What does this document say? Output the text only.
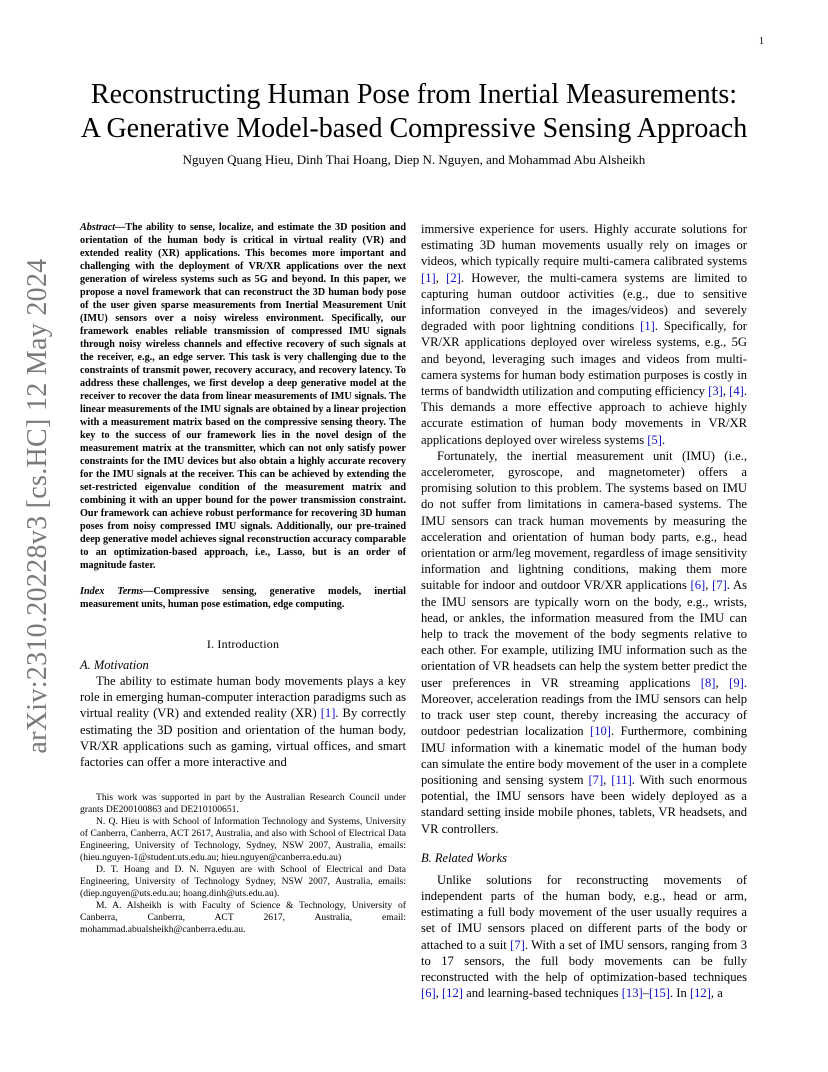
1
arXiv:2310.20228v3 [cs.HC] 12 May 2024
Reconstructing Human Pose from Inertial Measurements:
A Generative Model-based Compressive Sensing Approach
Nguyen Quang Hieu, Dinh Thai Hoang, Diep N. Nguyen, and Mohammad Abu Alsheikh

Abstract—The ability to sense, localize, and estimate the 3D position and orientation of the human body is critical in virtual reality (VR) and extended reality (XR) applications. This becomes more important and challenging with the deployment of VR/XR applications over the next generation of wireless systems such as 5G and beyond. In this paper, we propose a novel framework that can reconstruct the 3D human body pose of the user given sparse measurements from Inertial Measurement Unit (IMU) sensors over a noisy wireless environment. Specifically, our framework enables reliable transmission of compressed IMU signals through noisy wireless channels and effective recovery of such signals at the receiver, e.g., an edge server. This task is very challenging due to the constraints of transmit power, recovery accuracy, and recovery latency. To address these challenges, we first develop a deep generative model at the receiver to recover the data from linear measurements of IMU signals. The linear measurements of the IMU signals are obtained by a linear projection with a measurement matrix based on the compressive sensing theory. The key to the success of our framework lies in the novel design of the measurement matrix at the transmitter, which can not only satisfy power constraints for the IMU devices but also obtain a highly accurate recovery for the IMU signals at the receiver. This can be achieved by extending the set-restricted eigenvalue condition of the measurement matrix and combining it with an upper bound for the power transmission constraint. Our framework can achieve robust performance for recovering 3D human poses from noisy compressed IMU signals. Additionally, our pre-trained deep generative model achieves signal reconstruction accuracy comparable to an optimization-based approach, i.e., Lasso, but is an order of magnitude faster.

Index Terms—Compressive sensing, generative models, inertial measurement units, human pose estimation, edge computing.

I. Introduction
A. Motivation

The ability to estimate human body movements plays a key role in emerging human-computer interaction paradigms such as virtual reality (VR) and extended reality (XR) [1]. By correctly estimating the 3D position and orientation of the human body, VR/XR applications such as gaming, virtual offices, and smart factories can offer a more interactive and

This work was supported in part by the Australian Research Council under grants DE200100863 and DE210100651.

N. Q. Hieu is with School of Information Technology and Systems, University of Canberra, Canberra, ACT 2617, Australia, and also with School of Electrical Data Engineering, University of Technology, Sydney, NSW 2007, Australia, emails: (hieu.nguyen-1@student.uts.edu.au; hieu.nguyen@canberra.edu.au)

D. T. Hoang and D. N. Nguyen are with School of Electrical and Data Engineering, University of Technology Sydney, NSW 2007, Australia, emails: (diep.nguyen@uts.edu.au; hoang.dinh@uts.edu.au).

M. A. Alsheikh is with Faculty of Science & Technology, University of Canberra, Canberra, ACT 2617, Australia, email: mohammad.abualsheikh@canberra.edu.au.

immersive experience for users. Highly accurate solutions for estimating 3D human movements usually rely on images or videos, which typically require multi-camera calibrated systems [1], [2]. However, the multi-camera systems are limited to capturing human outdoor activities (e.g., due to sensitive information conveyed in the images/videos) and severely degraded with poor lightning conditions [1]. Specifically, for VR/XR applications deployed over wireless systems, e.g., 5G and beyond, leveraging such images and videos from multi-camera systems for human body estimation purposes is costly in terms of bandwidth utilization and computing efficiency [3], [4]. This demands a more effective approach to achieve highly accurate estimation of human body movements in VR/XR applications deployed over wireless systems [5].

Fortunately, the inertial measurement unit (IMU) (i.e., accelerometer, gyroscope, and magnetometer) offers a promising solution to this problem. The systems based on IMU do not suffer from limitations in camera-based systems. The IMU sensors can track human movements by measuring the acceleration and orientation of human body parts, e.g., head orientation or arm/leg movement, regardless of image sensitivity information and lightning conditions, making them more suitable for indoor and outdoor VR/XR applications [6], [7]. As the IMU sensors are typically worn on the body, e.g., wrists, head, or ankles, the information measured from the IMU can help to track the movement of the body segments relative to each other. For example, utilizing IMU information such as the orientation of VR headsets can help the system better predict the user preferences in VR streaming applications [8], [9]. Moreover, acceleration readings from the IMU sensors can help to track user step count, thereby increasing the accuracy of outdoor pedestrian localization [10]. Furthermore, combining IMU information with a kinematic model of the human body can simulate the entire body movement of the user in a complete positioning and sensing system [7], [11]. With such enormous potential, the IMU sensors have been widely deployed as a standard setting inside mobile phones, tablets, VR headsets, and VR controllers.

B. Related Works

Unlike solutions for reconstructing movements of independent parts of the human body, e.g., head or arm, estimating a full body movement of the user usually requires a set of IMU sensors placed on different parts of the body or attached to a suit [7]. With a set of IMU sensors, ranging from 3 to 17 sensors, the full body movements can be fully reconstructed with the help of optimization-based techniques [6], [12] and learning-based techniques [13]–[15]. In [12], a
